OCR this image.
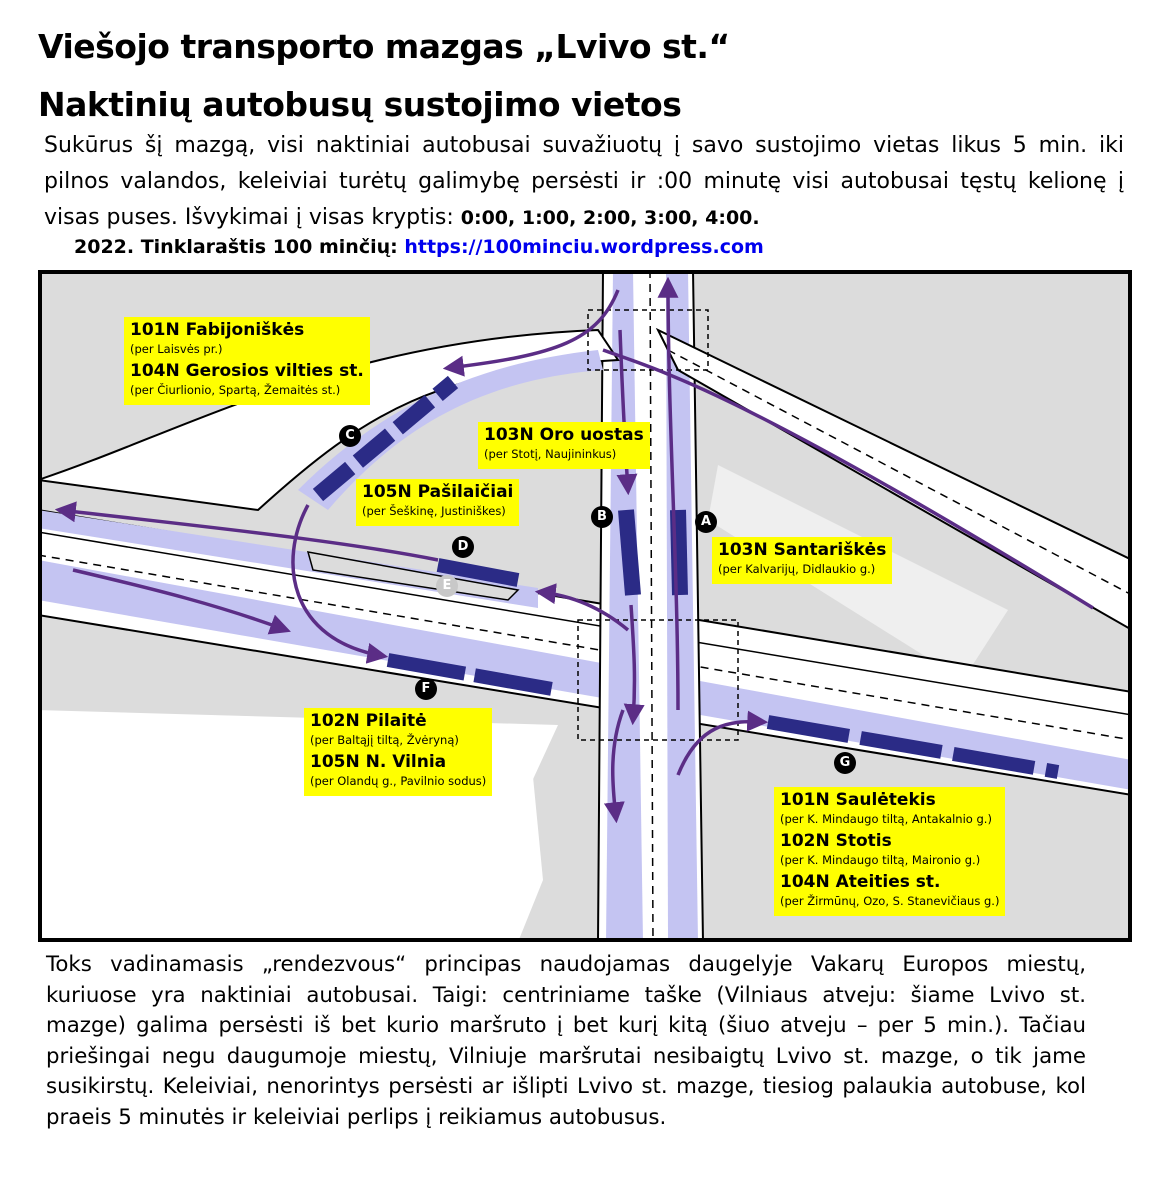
Viešojo transporto mazgas „Lvivo st.“
Naktinių autobusų sustojimo vietos
Sukūrus šį mazgą, visi naktiniai autobusai suvažiuotų į savo sustojimo vietas likus 5 min. iki pilnos valandos, keleiviai turėtų galimybę persėsti ir :00 minutę visi autobusai tęstų kelionę į visas puses. Išvykimai į visas kryptis: 0:00, 1:00, 2:00, 3:00, 4:00.
2022. Tinklaraštis 100 minčių: https://100minciu.wordpress.com
C
B	A
D
E
F
G
101N Fabijoniškės
(per Laisvės pr.)
104N Gerosios vilties st.
(per Čiurlionio, Spartą, Žemaitės st.)
103N Oro uostas
(per Stotį, Naujininkus)
105N Pašilaičiai
(per Šeškinę, Justiniškes)
103N Santariškės
(per Kalvarijų, Didlaukio g.)
102N Pilaitė
(per Baltąjį tiltą, Žvėryną)
105N N. Vilnia
(per Olandų g., Pavilnio sodus)
101N Saulėtekis
(per K. Mindaugo tiltą, Antakalnio g.)
102N Stotis
(per K. Mindaugo tiltą, Maironio g.)
104N Ateities st.
(per Žirmūnų, Ozo, S. Stanevičiaus g.)
Toks vadinamasis „rendezvous“ principas naudojamas daugelyje Vakarų Europos miestų, kuriuose yra naktiniai autobusai. Taigi: centriniame taške (Vilniaus atveju: šiame Lvivo st. mazge) galima persėsti iš bet kurio maršruto į bet kurį kitą (šiuo atveju – per 5 min.). Tačiau priešingai negu daugumoje miestų, Vilniuje maršrutai nesibaigtų Lvivo st. mazge, o tik jame susikirstų. Keleiviai, nenorintys persėsti ar išlipti Lvivo st. mazge, tiesiog palaukia autobuse, kol praeis 5 minutės ir keleiviai perlips į reikiamus autobusus.
